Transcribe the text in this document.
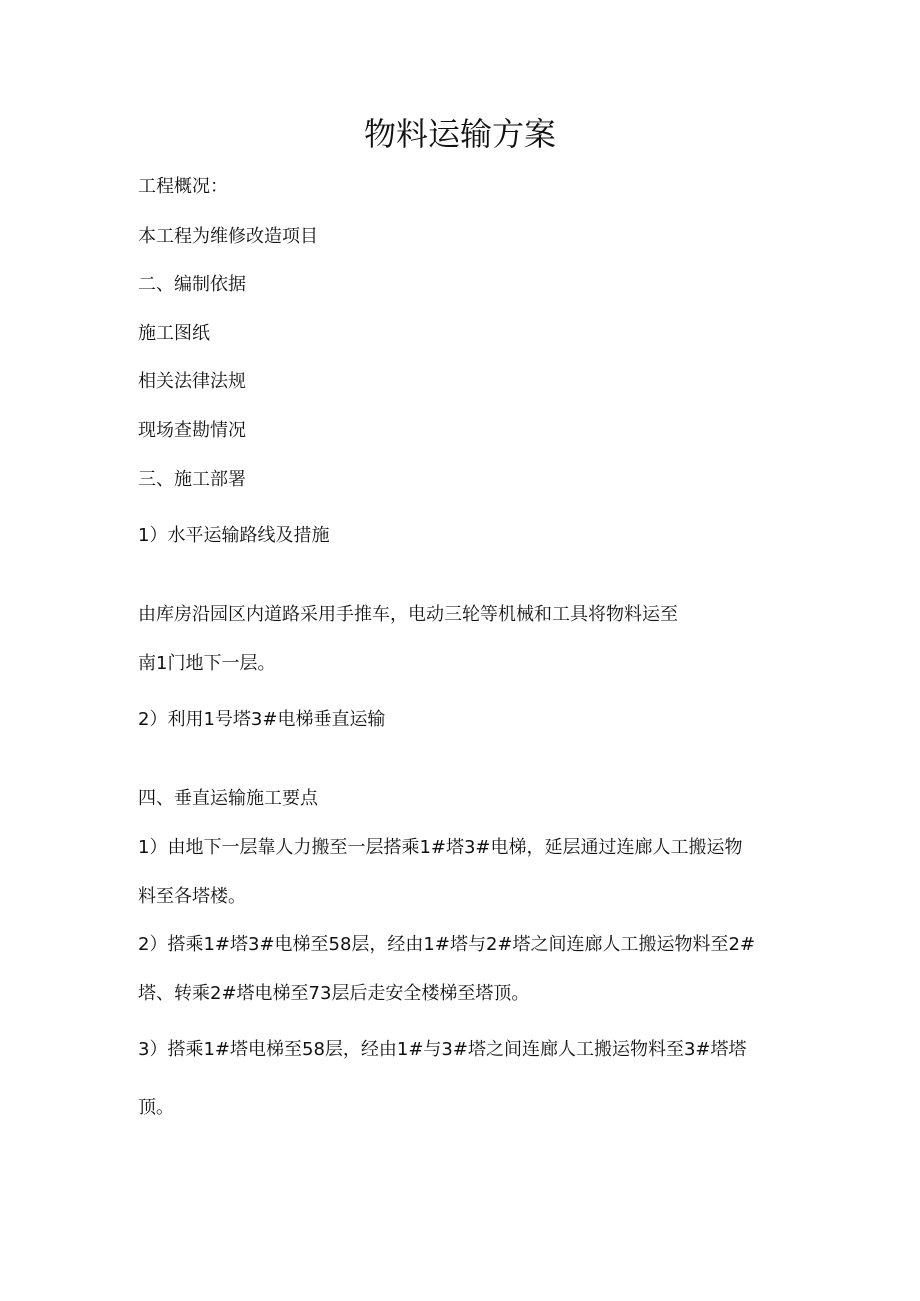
物料运输方案

工程概况：

本工程为维修改造项目

二、编制依据

施工图纸

相关法律法规

现场查勘情况

三、施工部署

1）水平运输路线及措施

由库房沿园区内道路采用手推车，电动三轮等机械和工具将物料运至

南1门地下一层。

2）利用1号塔3#电梯垂直运输

四、垂直运输施工要点

1）由地下一层靠人力搬至一层搭乘1#塔3#电梯，延层通过连廊人工搬运物

料至各塔楼。

2）搭乘1#塔3#电梯至58层，经由1#塔与2#塔之间连廊人工搬运物料至2#

塔、转乘2#塔电梯至73层后走安全楼梯至塔顶。

3）搭乘1#塔电梯至58层，经由1#与3#塔之间连廊人工搬运物料至3#塔塔

顶。
